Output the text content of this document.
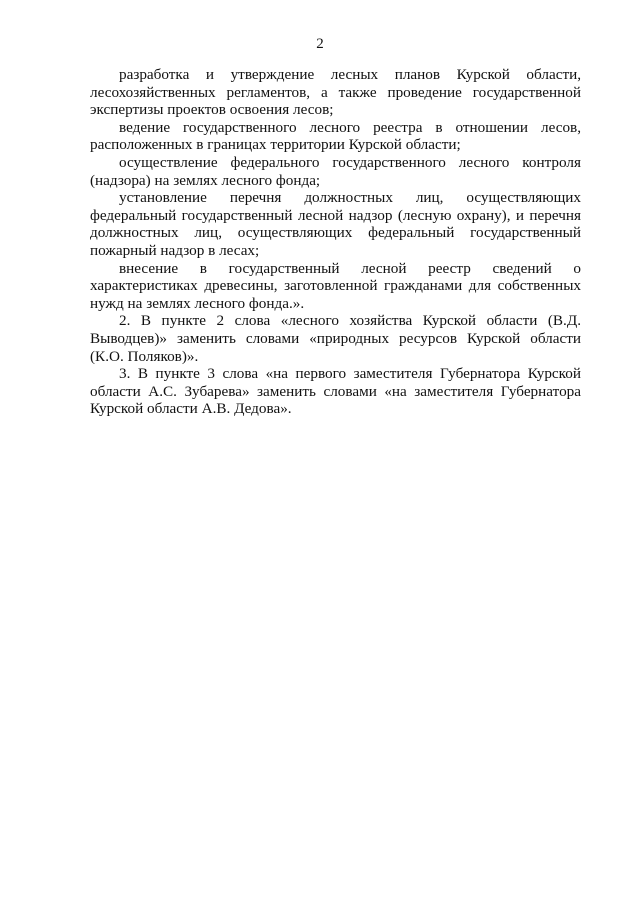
2

разработка и утверждение лесных планов Курской области, лесохозяйственных регламентов, а также проведение государственной экспертизы проектов освоения лесов;

ведение государственного лесного реестра в отношении лесов, расположенных в границах территории Курской области;

осуществление федерального государственного лесного контроля (надзора) на землях лесного фонда;

установление перечня должностных лиц, осуществляющих федеральный государственный лесной надзор (лесную охрану), и перечня должностных лиц, осуществляющих федеральный государственный пожарный надзор в лесах;

внесение в государственный лесной реестр сведений о характеристиках древесины, заготовленной гражданами для собственных нужд на землях лесного фонда.».

2. В пункте 2 слова «лесного хозяйства Курской области (В.Д. Выводцев)» заменить словами «природных ресурсов Курской области (К.О. Поляков)».

3. В пункте 3 слова «на первого заместителя Губернатора Курской области А.С. Зубарева» заменить словами «на заместителя Губернатора Курской области А.В. Дедова».
